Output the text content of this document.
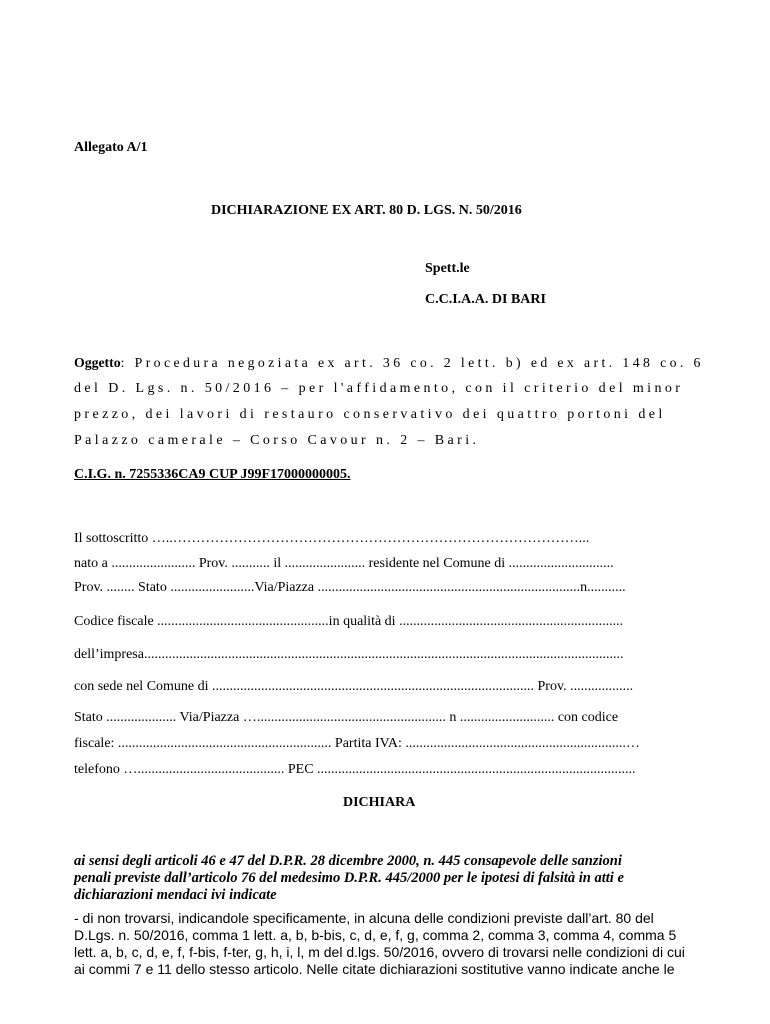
Allegato A/1
DICHIARAZIONE EX ART. 80 D. LGS. N. 50/2016
Spett.le
C.C.I.A.A. DI BARI
Oggetto: Procedura negoziata ex art. 36 co. 2 lett. b) ed ex art. 148 co. 6
del D. Lgs. n. 50/2016 – per l'affidamento, con il criterio del minor
prezzo, dei lavori di restauro conservativo dei quattro portoni del
Palazzo camerale – Corso Cavour n. 2 – Bari.
C.I.G. n. 7255336CA9 CUP J99F17000000005.
Il sottoscritto …..……………………………………………………………………………...
nato a ........................ Prov. ........... il ....................... residente nel Comune di ..............................
Prov. ........ Stato ........................Via/Piazza ...........................................................................n...........
Codice fiscale .................................................in qualità di ................................................................
dell’impresa.........................................................................................................................................
con sede nel Comune di ............................................................................................ Prov. ..................
Stato .................... Via/Piazza …...................................................... n ........................... con codice
fiscale: ............................................................. Partita IVA: ...............................................................…
telefono ….......................................... PEC ...........................................................................................
DICHIARA
ai sensi degli articoli 46 e 47 del D.P.R. 28 dicembre 2000, n. 445 consapevole delle sanzioni
penali previste dall’articolo 76 del medesimo D.P.R. 445/2000 per le ipotesi di falsità in atti e
dichiarazioni mendaci ivi indicate
- di non trovarsi, indicandole specificamente, in alcuna delle condizioni previste dall’art. 80 del
D.Lgs. n. 50/2016, comma 1 lett. a, b, b-bis, c, d, e, f, g, comma 2, comma 3, comma 4, comma 5
lett. a, b, c, d, e, f, f-bis, f-ter, g, h, i, l, m del d.lgs. 50/2016, ovvero di trovarsi nelle condizioni di cui
ai commi 7 e 11 dello stesso articolo. Nelle citate dichiarazioni sostitutive vanno indicate anche le
